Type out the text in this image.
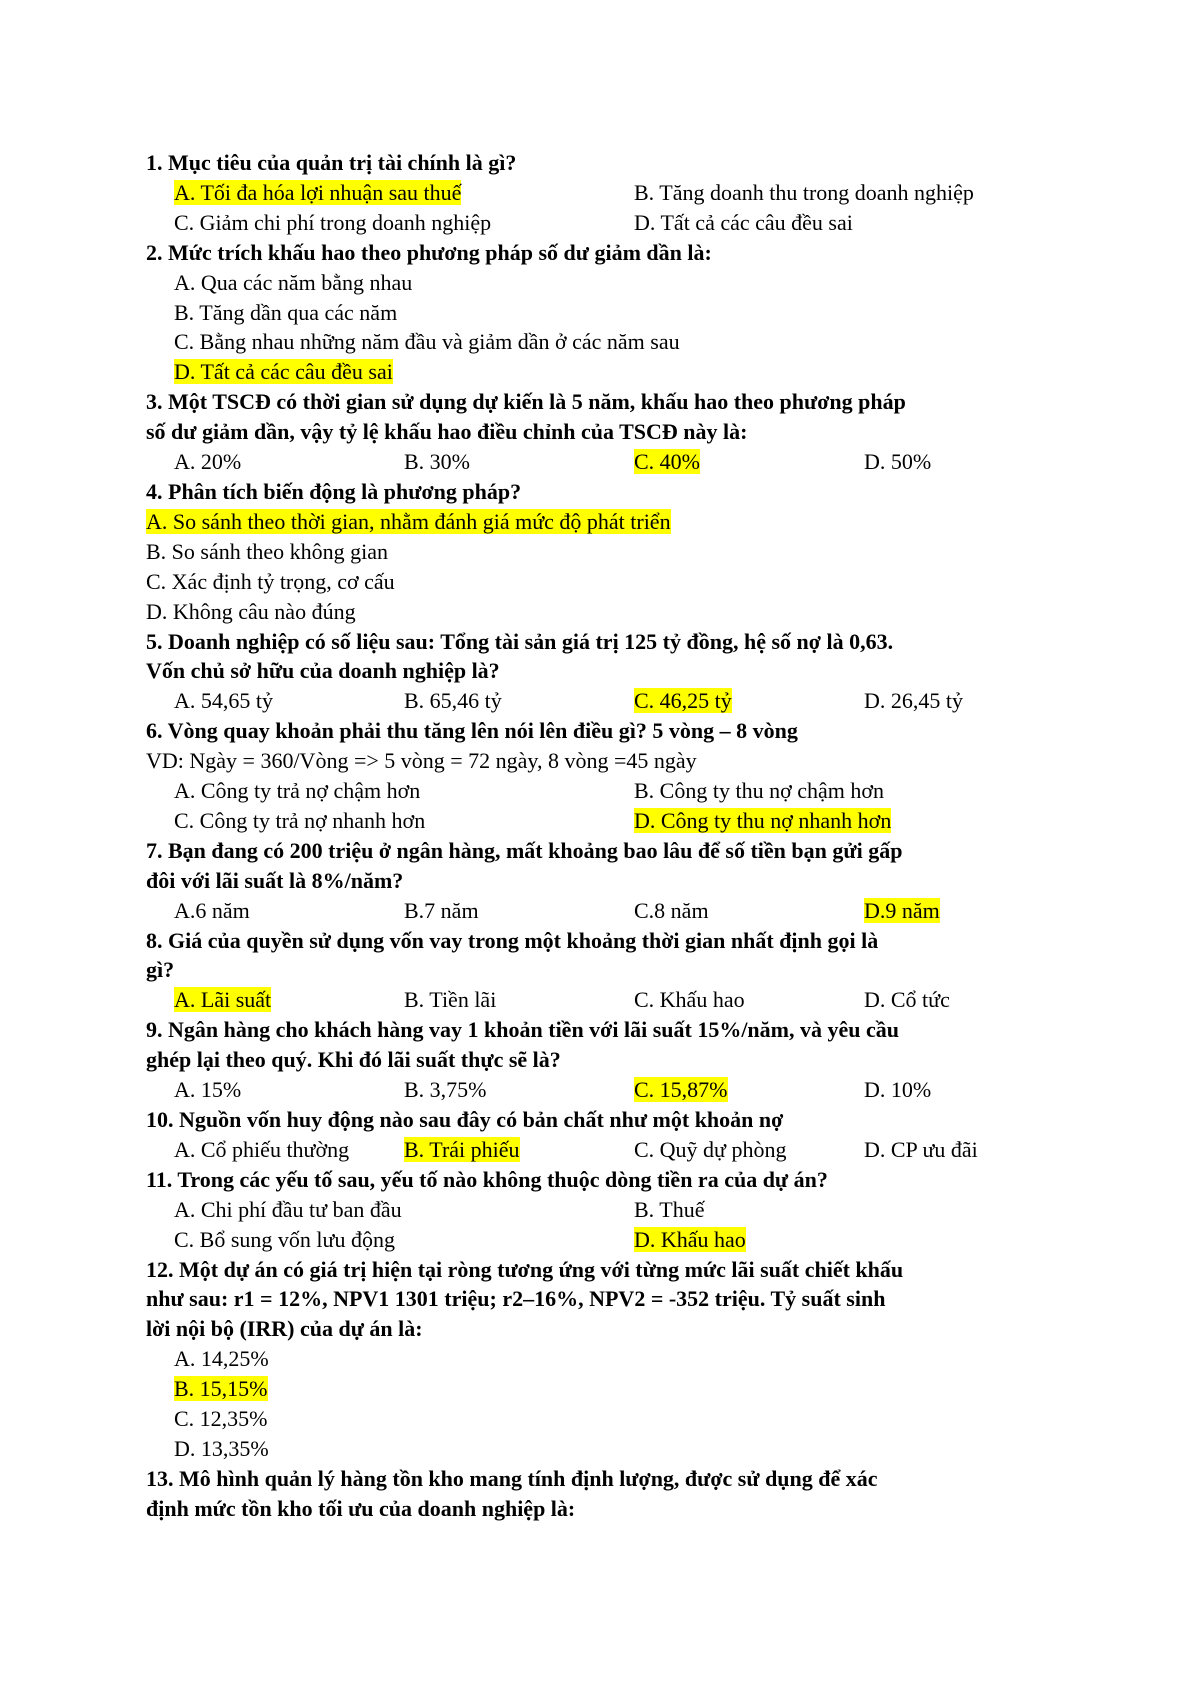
1. Mục tiêu của quản trị tài chính là gì?
A. Tối đa hóa lợi nhuận sau thuế	B. Tăng doanh thu trong doanh nghiệp
C. Giảm chi phí trong doanh nghiệp	D. Tất cả các câu đều sai
2. Mức trích khấu hao theo phương pháp số dư giảm dần là:
A. Qua các năm bằng nhau
B. Tăng dần qua các năm
C. Bằng nhau những năm đầu và giảm dần ở các năm sau
D. Tất cả các câu đều sai
3. Một TSCĐ có thời gian sử dụng dự kiến là 5 năm, khấu hao theo phương pháp
số dư giảm dần, vậy tỷ lệ khấu hao điều chỉnh của TSCĐ này là:
A. 20%	B. 30%	C. 40%	D. 50%
4. Phân tích biến động là phương pháp?
A. So sánh theo thời gian, nhằm đánh giá mức độ phát triển
B. So sánh theo không gian
C. Xác định tỷ trọng, cơ cấu
D. Không câu nào đúng
5. Doanh nghiệp có số liệu sau: Tổng tài sản giá trị 125 tỷ đồng, hệ số nợ là 0,63.
Vốn chủ sở hữu của doanh nghiệp là?
A. 54,65 tỷ	B. 65,46 tỷ	C. 46,25 tỷ	D. 26,45 tỷ
6. Vòng quay khoản phải thu tăng lên nói lên điều gì? 5 vòng – 8 vòng
VD: Ngày = 360/Vòng => 5 vòng = 72 ngày, 8 vòng =45 ngày
A. Công ty trả nợ chậm hơn	B. Công ty thu nợ chậm hơn
C. Công ty trả nợ nhanh hơn	D. Công ty thu nợ nhanh hơn
7. Bạn đang có 200 triệu ở ngân hàng, mất khoảng bao lâu để số tiền bạn gửi gấp
đôi với lãi suất là 8%/năm?
A.6 năm	B.7 năm	C.8 năm	D.9 năm
8. Giá của quyền sử dụng vốn vay trong một khoảng thời gian nhất định gọi là
gì?
A. Lãi suất	B. Tiền lãi	C. Khấu hao	D. Cổ tức
9. Ngân hàng cho khách hàng vay 1 khoản tiền với lãi suất 15%/năm, và yêu cầu
ghép lại theo quý. Khi đó lãi suất thực sẽ là?
A. 15%	B. 3,75%	C. 15,87%	D. 10%
10. Nguồn vốn huy động nào sau đây có bản chất như một khoản nợ
A. Cổ phiếu thường	B. Trái phiếu	C. Quỹ dự phòng	D. CP ưu đãi
11. Trong các yếu tố sau, yếu tố nào không thuộc dòng tiền ra của dự án?
A. Chi phí đầu tư ban đầu	B. Thuế
C. Bổ sung vốn lưu động	D. Khấu hao
12. Một dự án có giá trị hiện tại ròng tương ứng với từng mức lãi suất chiết khấu
như sau: r1 = 12%, NPV1 1301 triệu; r2–16%, NPV2 = -352 triệu. Tỷ suất sinh
lời nội bộ (IRR) của dự án là:
A. 14,25%
B. 15,15%
C. 12,35%
D. 13,35%
13. Mô hình quản lý hàng tồn kho mang tính định lượng, được sử dụng để xác
định mức tồn kho tối ưu của doanh nghiệp là:
